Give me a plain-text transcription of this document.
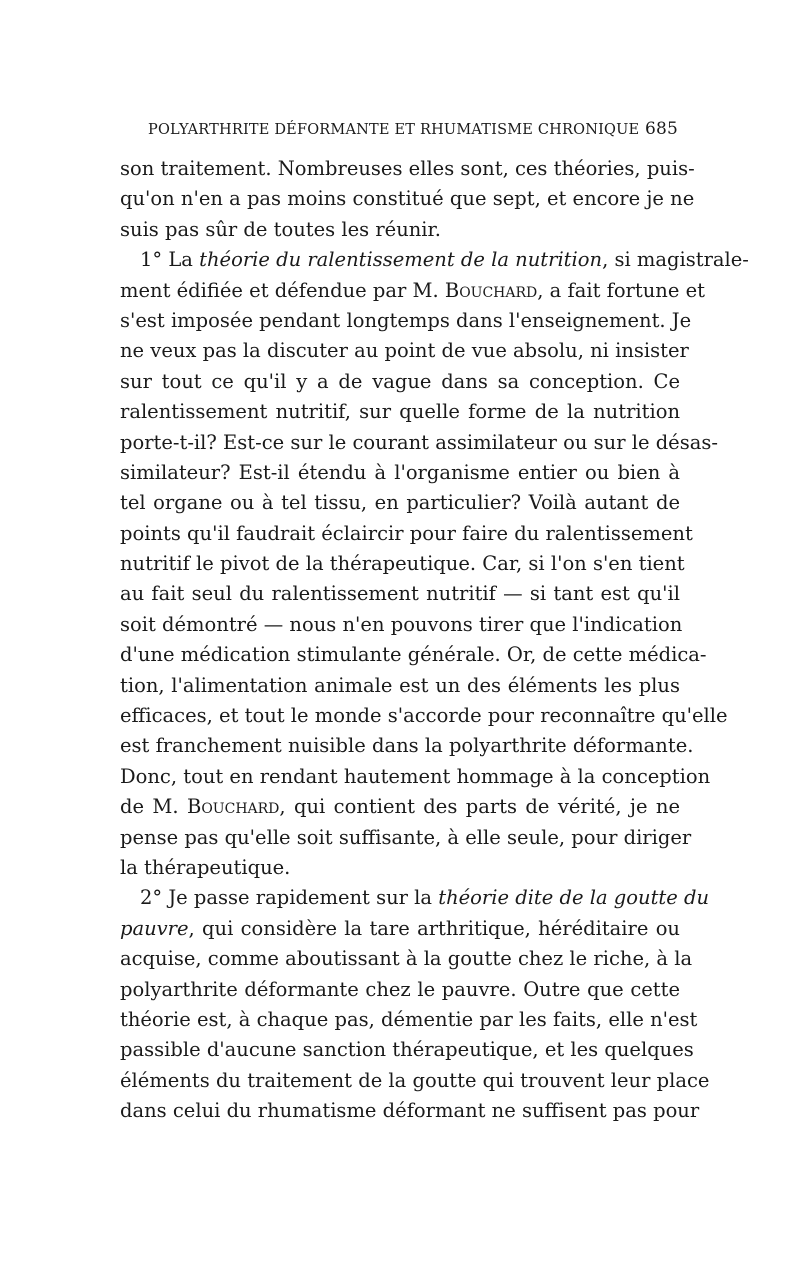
POLYARTHRITE DÉFORMANTE ET RHUMATISME CHRONIQUE 685
son traitement. Nombreuses elles sont, ces théories, puis-
qu'on n'en a pas moins constitué que sept, et encore je ne
suis pas sûr de toutes les réunir.
1° La théorie du ralentissement de la nutrition, si magistrale-
ment édifiée et défendue par M. Bouchard, a fait fortune et
s'est imposée pendant longtemps dans l'enseignement. Je
ne veux pas la discuter au point de vue absolu, ni insister
sur tout ce qu'il y a de vague dans sa conception. Ce
ralentissement nutritif, sur quelle forme de la nutrition
porte-t-il? Est-ce sur le courant assimilateur ou sur le désas-
similateur? Est-il étendu à l'organisme entier ou bien à
tel organe ou à tel tissu, en particulier? Voilà autant de
points qu'il faudrait éclaircir pour faire du ralentissement
nutritif le pivot de la thérapeutique. Car, si l'on s'en tient
au fait seul du ralentissement nutritif — si tant est qu'il
soit démontré — nous n'en pouvons tirer que l'indication
d'une médication stimulante générale. Or, de cette médica-
tion, l'alimentation animale est un des éléments les plus
efficaces, et tout le monde s'accorde pour reconnaître qu'elle
est franchement nuisible dans la polyarthrite déformante.
Donc, tout en rendant hautement hommage à la conception
de M. Bouchard, qui contient des parts de vérité, je ne
pense pas qu'elle soit suffisante, à elle seule, pour diriger
la thérapeutique.
2° Je passe rapidement sur la théorie dite de la goutte du
pauvre, qui considère la tare arthritique, héréditaire ou
acquise, comme aboutissant à la goutte chez le riche, à la
polyarthrite déformante chez le pauvre. Outre que cette
théorie est, à chaque pas, démentie par les faits, elle n'est
passible d'aucune sanction thérapeutique, et les quelques
éléments du traitement de la goutte qui trouvent leur place
dans celui du rhumatisme déformant ne suffisent pas pour
